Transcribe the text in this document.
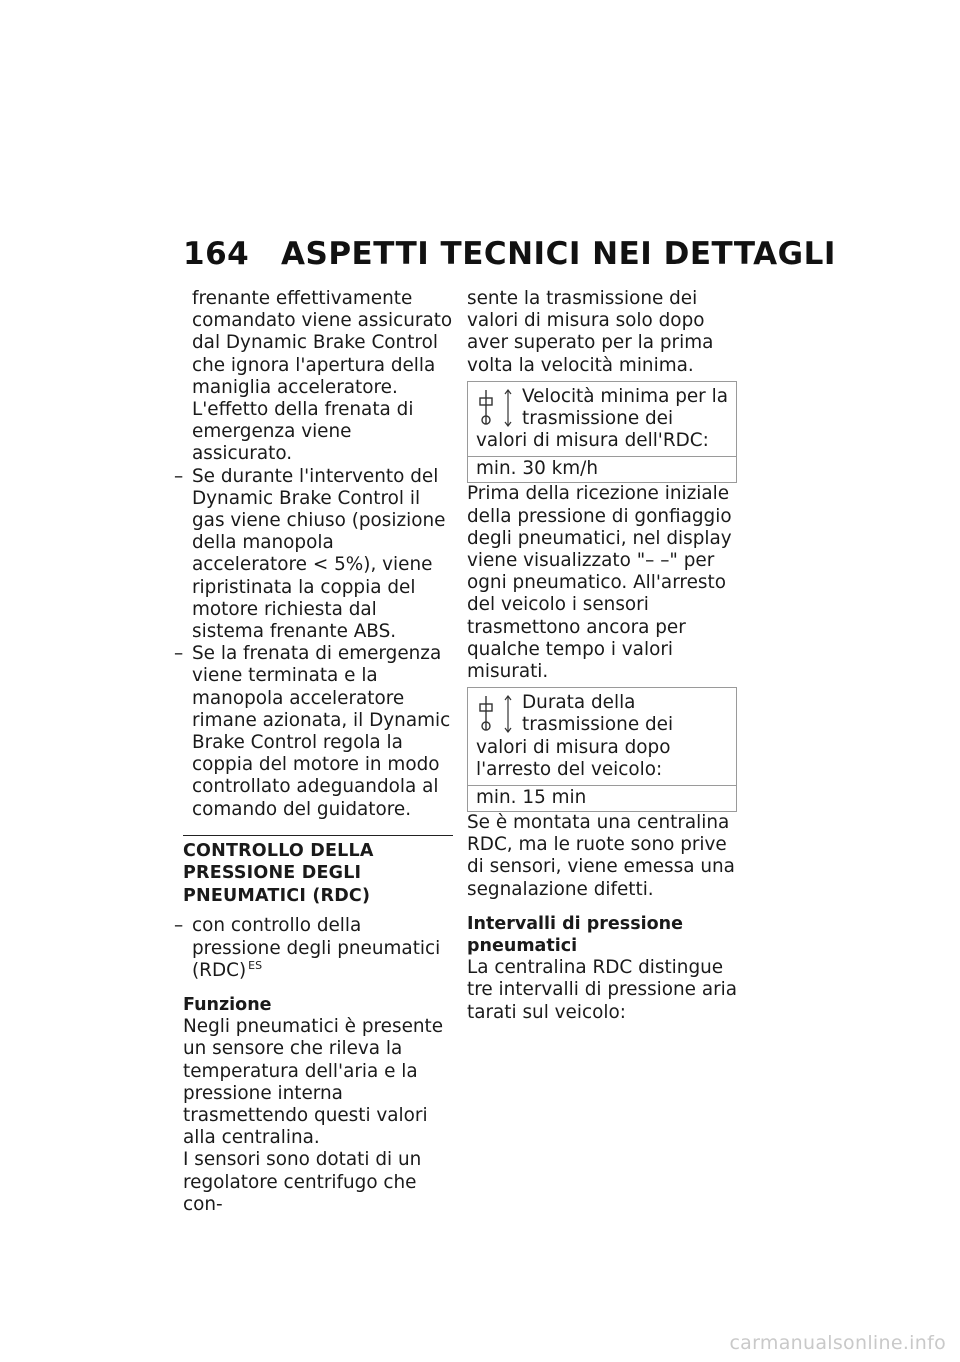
164 ASPETTI TECNICI NEI DETTAGLI

frenante effettivamente comandato viene assicurato dal Dynamic Brake Control che ignora l'apertura della maniglia acceleratore.

L'effetto della frenata di emergenza viene assicurato.

– Se durante l'intervento del Dynamic Brake Control il gas viene chiuso (posizione della manopola acceleratore < 5%), viene ripristinata la coppia del motore richiesta dal sistema frenante ABS.

– Se la frenata di emergenza viene terminata e la manopola acceleratore rimane azionata, il Dynamic Brake Control regola la coppia del motore in modo controllato adeguandola al comando del guidatore.

CONTROLLO DELLA PRESSIONE DEGLI PNEUMATICI (RDC)

– con controllo della pressione degli pneumatici (RDC) $^{ES}$

Funzione

Negli pneumatici è presente un sensore che rileva la temperatura dell'aria e la pressione interna trasmettendo questi valori alla centralina.

I sensori sono dotati di un regolatore centrifugo che con-

sente la trasmissione dei valori di misura solo dopo aver superato per la prima volta la velocità minima.

Velocità minima per la trasmissione dei valori di misura dell'RDC:
min. 30 km/h

Prima della ricezione iniziale della pressione di gonfiaggio degli pneumatici, nel display viene visualizzato "– –" per ogni pneumatico. All'arresto del veicolo i sensori trasmettono ancora per qualche tempo i valori misurati.

Durata della trasmissione dei valori di misura dopo l'arresto del veicolo:
min. 15 min

Se è montata una centralina RDC, ma le ruote sono prive di sensori, viene emessa una segnalazione difetti.

Intervalli di pressione pneumatici

La centralina RDC distingue tre intervalli di pressione aria tarati sul veicolo:

carmanualsonline.info
